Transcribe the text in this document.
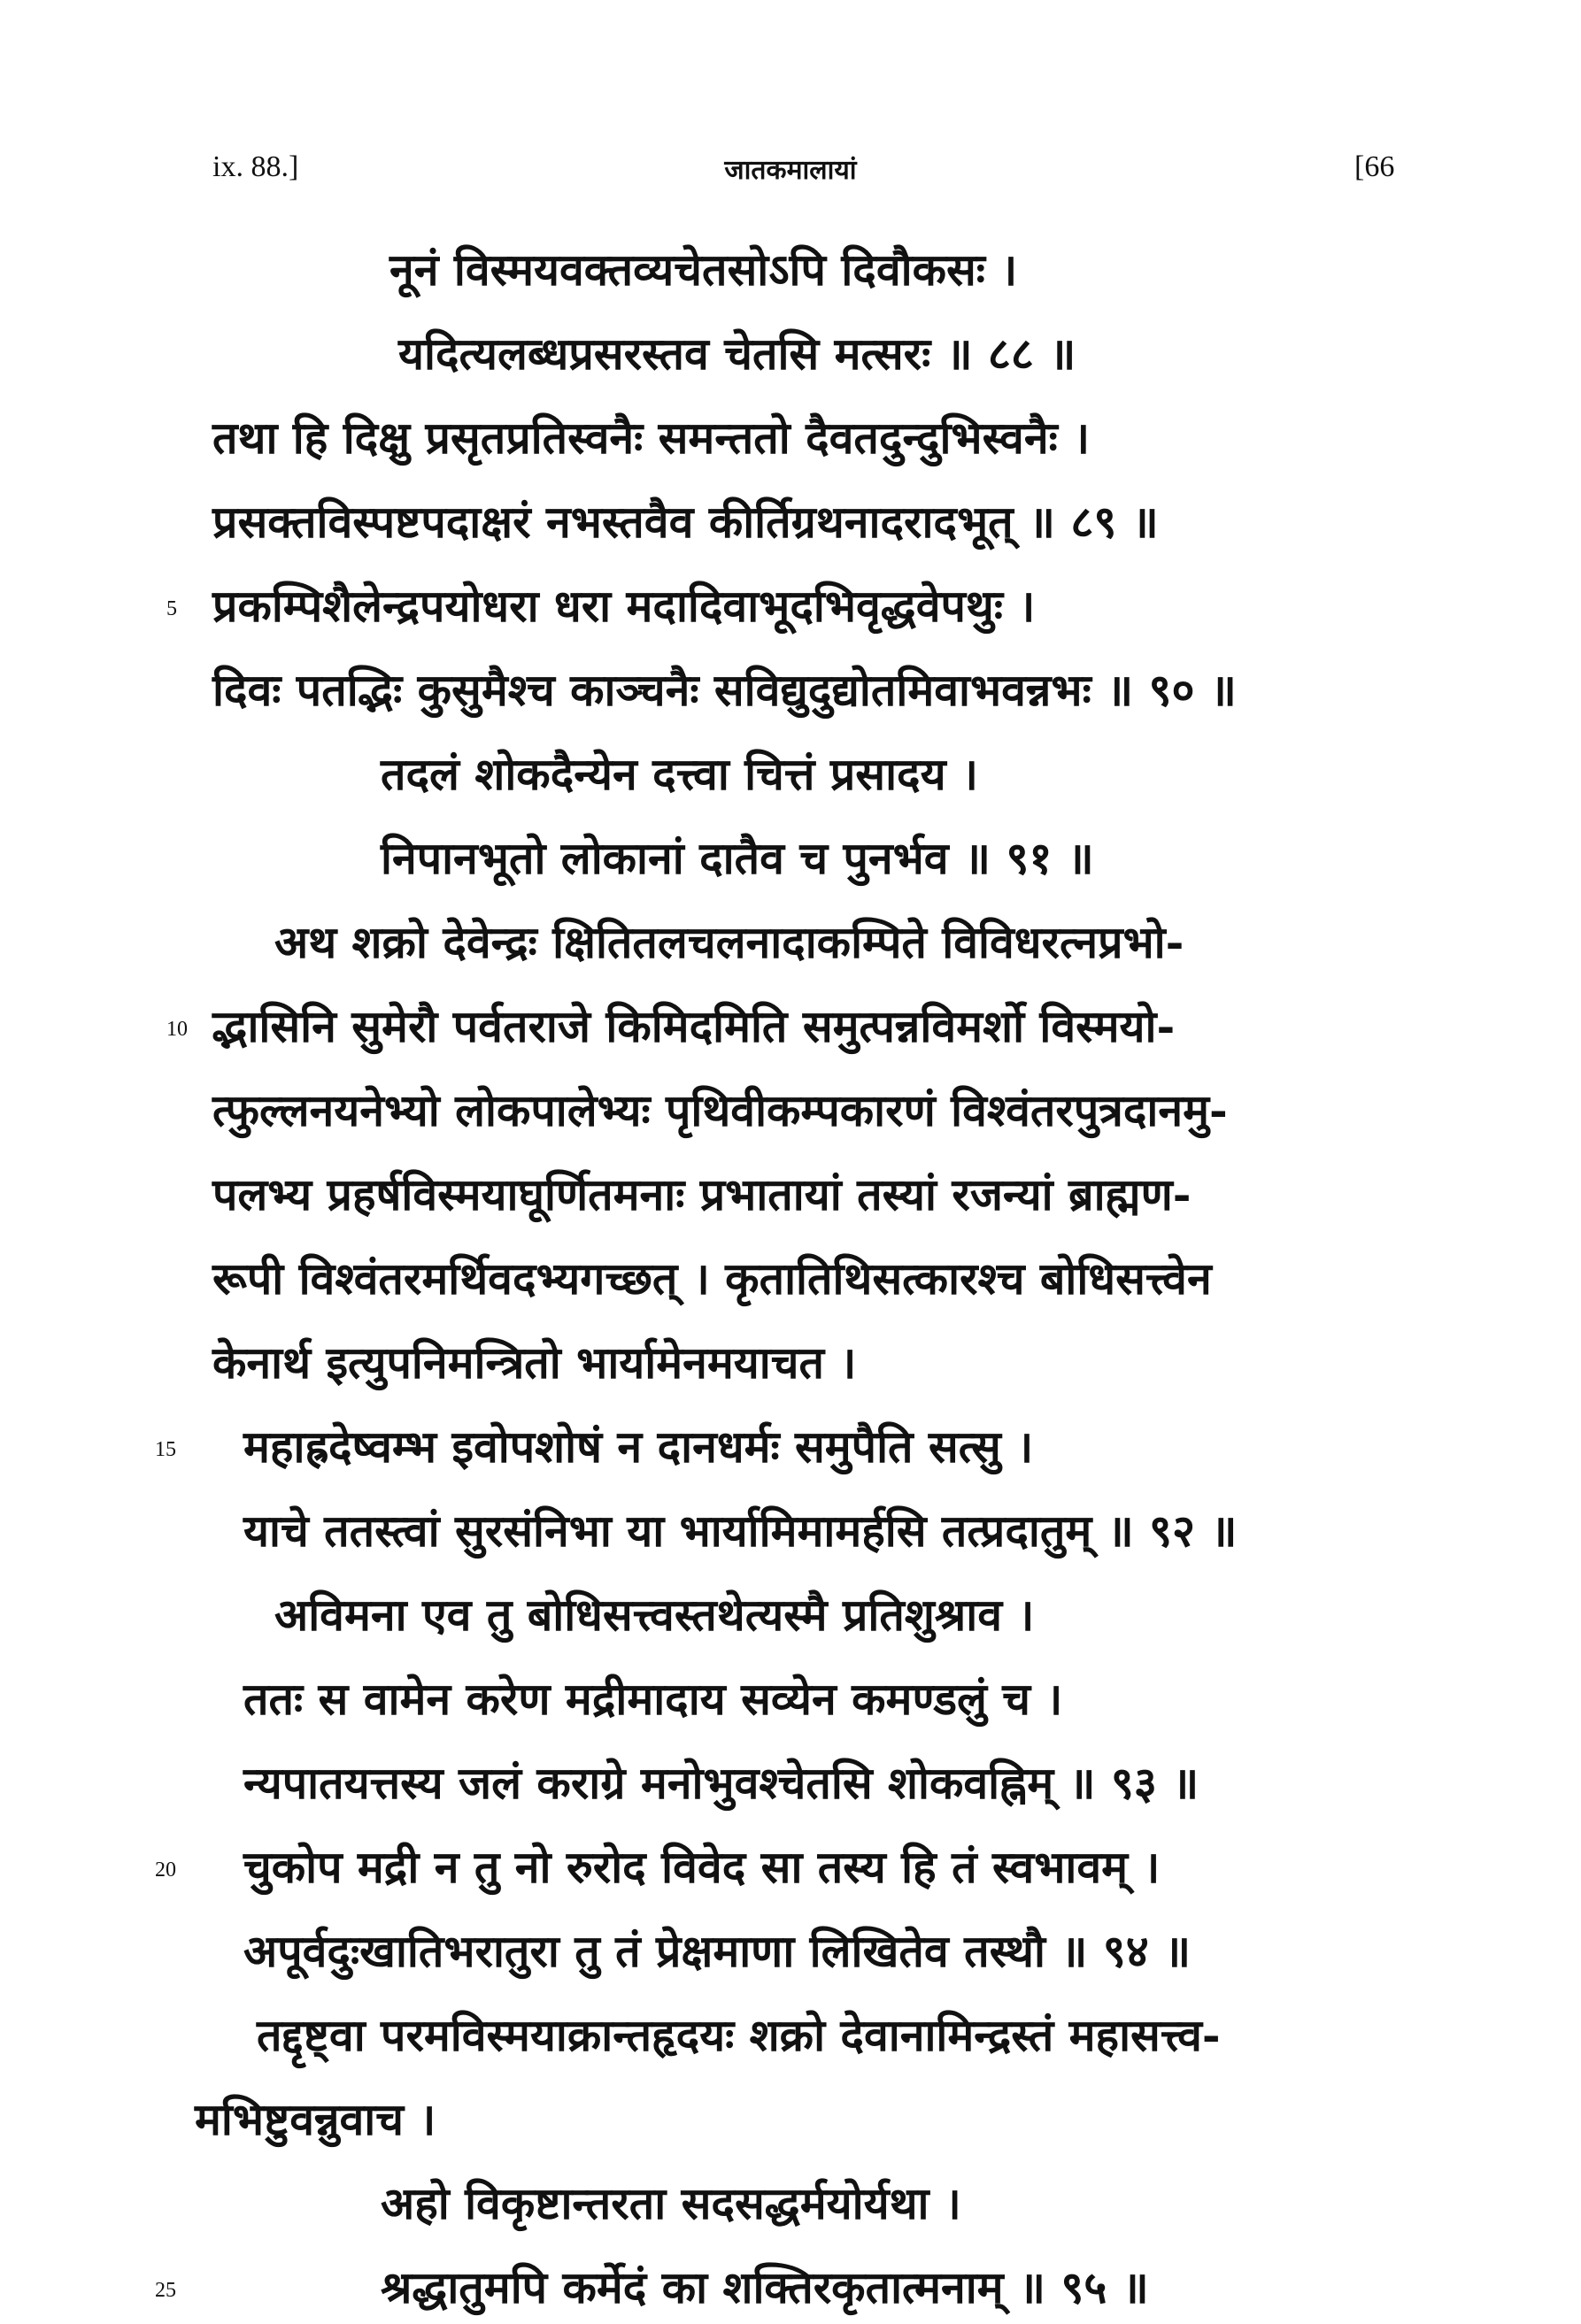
ix. 88.]	जातकमालायां	[66
नूनं विस्मयवक्तव्यचेतसोऽपि दिवौकसः ।
यदित्यलब्धप्रसरस्तव चेतसि मत्सरः ॥ ८८ ॥
तथा हि दिक्षु प्रसृतप्रतिस्वनैः समन्ततो दैवतदुन्दुभिस्वनैः ।
प्रसक्तविस्पष्टपदाक्षरं नभस्तवैव कीर्तिग्रथनादरादभूत् ॥ ८९ ॥
प्रकम्पिशैलेन्द्रपयोधरा धरा मदादिवाभूदभिवृद्धवेपथुः ।
दिवः पतद्भिः कुसुमैश्च काञ्चनैः सविद्युदुद्योतमिवाभवन्नभः ॥ ९० ॥
तदलं शोकदैन्येन दत्त्वा चित्तं प्रसादय ।
निपानभूतो लोकानां दातैव च पुनर्भव ॥ ९१ ॥
अथ शक्रो देवेन्द्रः क्षितितलचलनादाकम्पिते विविधरत्नप्रभो-
द्भासिनि सुमेरौ पर्वतराजे किमिदमिति समुत्पन्नविमर्शो विस्मयो-
त्फुल्लनयनेभ्यो लोकपालेभ्यः पृथिवीकम्पकारणं विश्वंतरपुत्रदानमु-
पलभ्य प्रहर्षविस्मयाघूर्णितमनाः प्रभातायां तस्यां रजन्यां ब्राह्मण-
रूपी विश्वंतरमर्थिवदभ्यगच्छत् । कृतातिथिसत्कारश्च बोधिसत्त्वेन
केनार्थ इत्युपनिमन्त्रितो भार्यामेनमयाचत ।
महाह्रदेष्वम्भ इवोपशोषं न दानधर्मः समुपैति सत्सु ।
याचे ततस्त्वां सुरसंनिभा या भार्यामिमामर्हसि तत्प्रदातुम् ॥ ९२ ॥
अविमना एव तु बोधिसत्त्वस्तथेत्यस्मै प्रतिशुश्राव ।
ततः स वामेन करेण मद्रीमादाय सव्येन कमण्डलुं च ।
न्यपातयत्तस्य जलं कराग्रे मनोभुवश्चेतसि शोकवह्निम् ॥ ९३ ॥
चुकोप मद्री न तु नो रुरोद विवेद सा तस्य हि तं स्वभावम् ।
अपूर्वदुःखातिभरातुरा तु तं प्रेक्षमाणा लिखितेव तस्थौ ॥ ९४ ॥
तद्दृष्ट्वा परमविस्मयाक्रान्तहृदयः शक्रो देवानामिन्द्रस्तं महासत्त्व-
मभिष्टुवन्नुवाच ।
अहो विकृष्टान्तरता सदसद्धर्मयोर्यथा ।
श्रद्धातुमपि कर्मेदं का शक्तिरकृतात्मनाम् ॥ ९५ ॥
5
10
15
20
25
